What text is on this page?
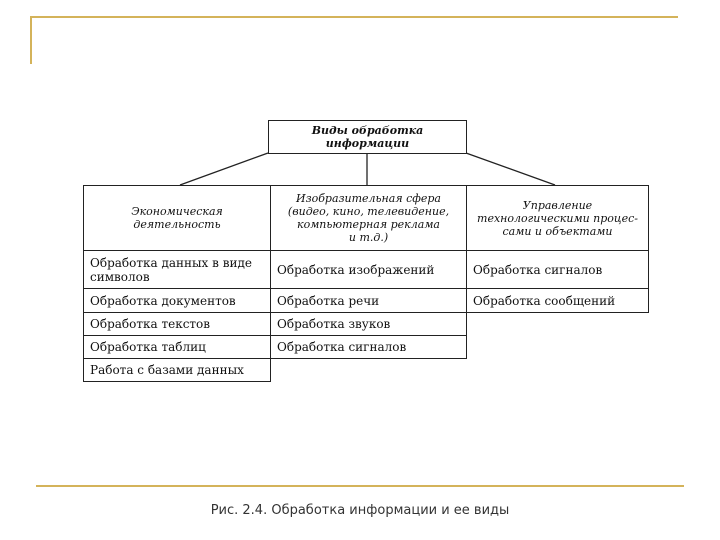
Виды обработка
информации
Экономическая
деятельность
Изобразительная сфера
(видео, кино, телевидение,
компьютерная реклама
и т.д.)
Управление
технологическими процес-
сами и объектами
Обработка данных в виде
символов
Обработка документов
Обработка текстов
Обработка таблиц
Работа с базами данных
Обработка изображений
Обработка речи
Обработка звуков
Обработка сигналов
Обработка сигналов
Обработка сообщений
Рис. 2.4. Обработка информации и ее виды
